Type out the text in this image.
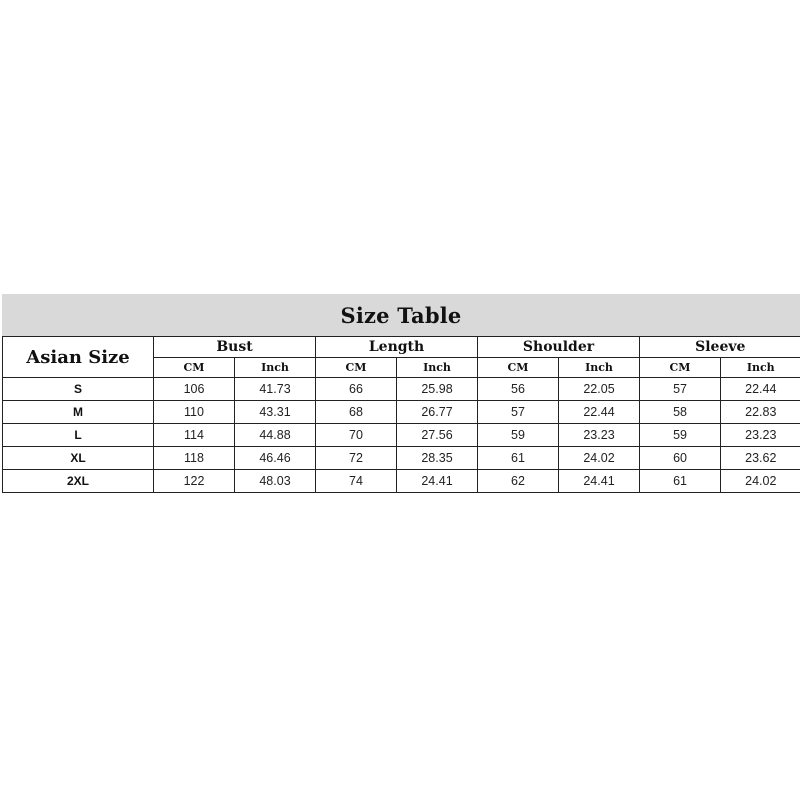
Size Table
Asian Size	Bust		Length		Shoulder		Sleeve	
	CM	Inch	CM	Inch	CM	Inch	CM	Inch
S	106	41.73	66	25.98	56	22.05	57	22.44
M	110	43.31	68	26.77	57	22.44	58	22.83
L	114	44.88	70	27.56	59	23.23	59	23.23
XL	118	46.46	72	28.35	61	24.02	60	23.62
2XL	122	48.03	74	24.41	62	24.41	61	24.02
